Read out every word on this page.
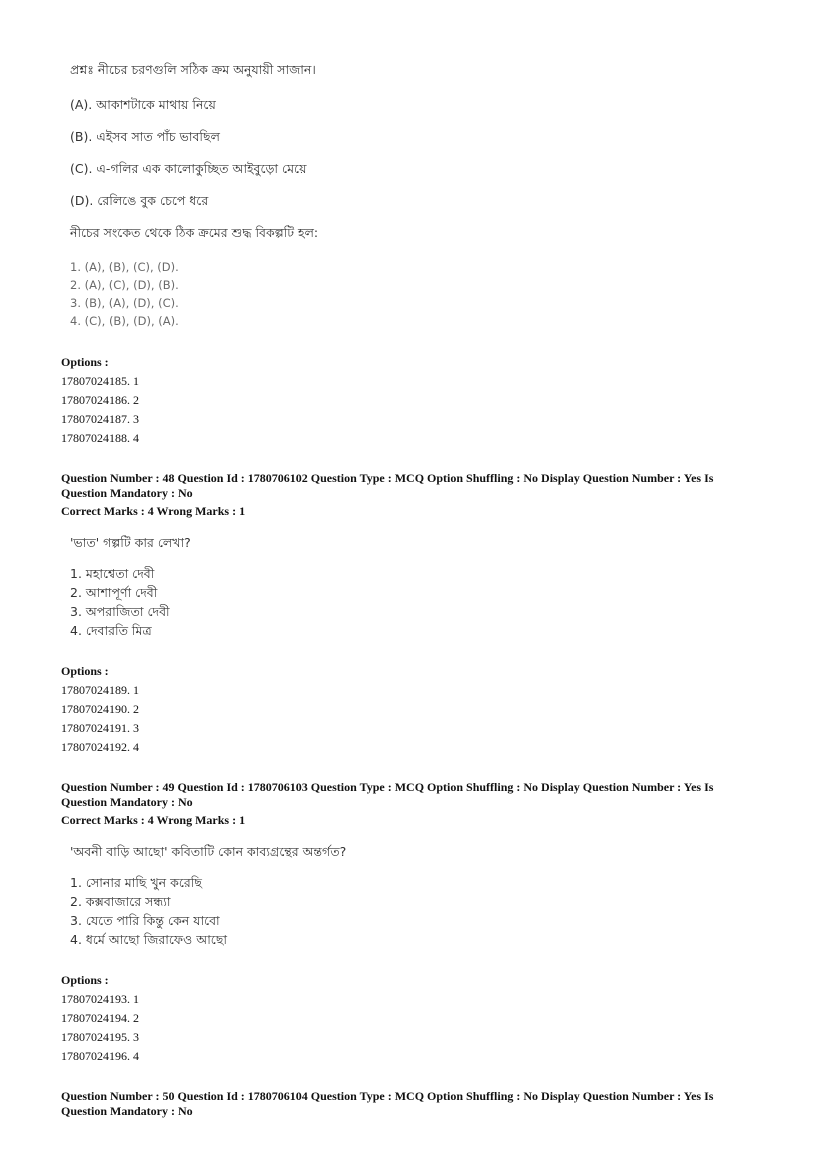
প্রশ্নঃ নীচের চরণগুলি সঠিক ক্রম অনুযায়ী সাজান।
(A). আকাশটাকে মাথায় নিয়ে
(B). এইসব সাত পাঁচ ভাবছিল
(C). এ-গলির এক কালোকুচ্ছিত আইবুড়ো মেয়ে
(D). রেলিঙে বুক চেপে ধরে
নীচের সংকেত থেকে ঠিক ক্রমের শুদ্ধ বিকল্পটি হল:
1. (A), (B), (C), (D).
2. (A), (C), (D), (B).
3. (B), (A), (D), (C).
4. (C), (B), (D), (A).
Options :
17807024185. 1
17807024186. 2
17807024187. 3
17807024188. 4
Question Number : 48 Question Id : 1780706102 Question Type : MCQ Option Shuffling : No Display Question Number : Yes Is
Question Mandatory : No
Correct Marks : 4 Wrong Marks : 1
'ভাত' গল্পটি কার লেখা?
1. মহাশ্বেতা দেবী
2. আশাপূর্ণা দেবী
3. অপরাজিতা দেবী
4. দেবারতি মিত্র
Options :
17807024189. 1
17807024190. 2
17807024191. 3
17807024192. 4
Question Number : 49 Question Id : 1780706103 Question Type : MCQ Option Shuffling : No Display Question Number : Yes Is
Question Mandatory : No
Correct Marks : 4 Wrong Marks : 1
'অবনী বাড়ি আছো' কবিতাটি কোন কাব্যগ্রন্থের অন্তর্গত?
1. সোনার মাছি খুন করেছি
2. কক্সবাজারে সন্ধ্যা
3. যেতে পারি কিন্তু কেন যাবো
4. ধর্মে আছো জিরাফেও আছো
Options :
17807024193. 1
17807024194. 2
17807024195. 3
17807024196. 4
Question Number : 50 Question Id : 1780706104 Question Type : MCQ Option Shuffling : No Display Question Number : Yes Is
Question Mandatory : No
